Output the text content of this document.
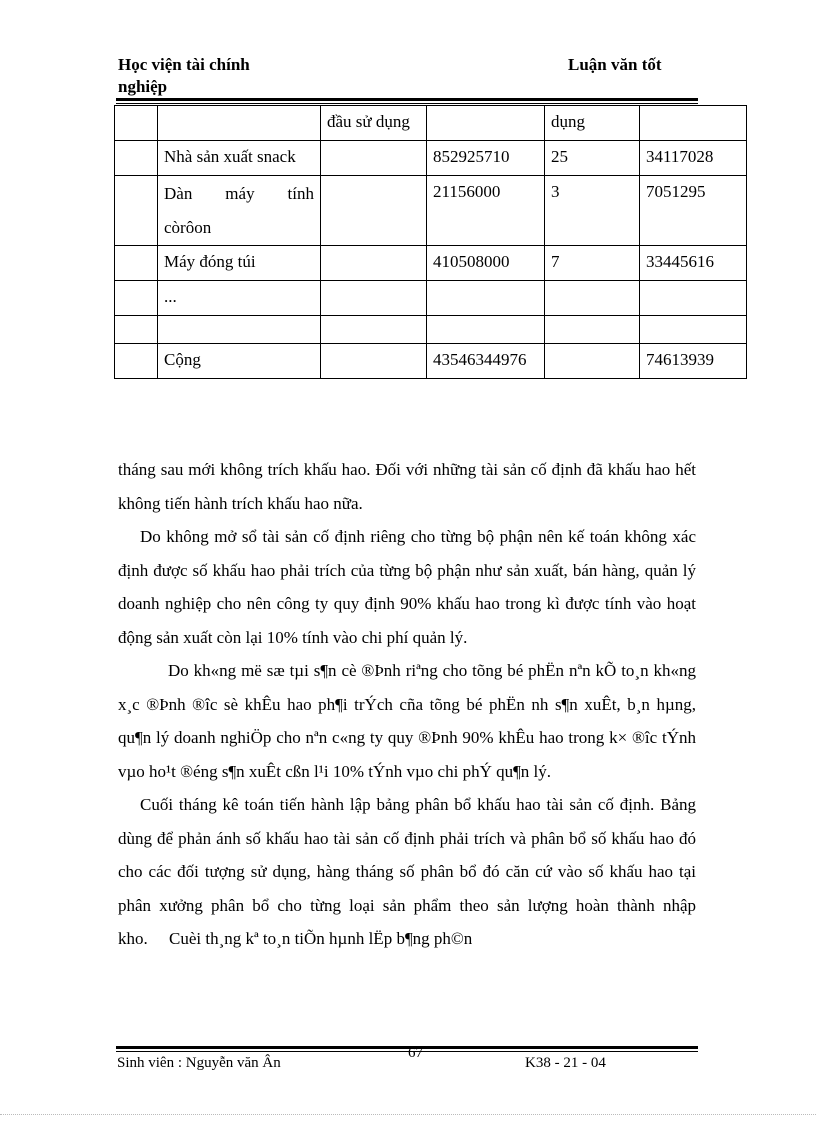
Học viện tài chính
nghiệp
Luận văn tốt
		đầu sử dụng		dụng	
	Nhà sản xuất snack		852925710	25	34117028

	Dàn máy tính
còrôon		21156000	3	7051295
	Máy đóng túi		410508000	7	33445616
	...				

	Cộng		43546344976		74613939

tháng sau mới không trích khấu hao. Đối với những tài sản cố định đã khấu hao hết không tiến hành trích khấu hao nữa.

Do không mở sổ tài sản cố định riêng cho từng bộ phận nên kế toán không xác định được số khấu hao phải trích của từng bộ phận như sản xuất, bán hàng, quản lý doanh nghiệp cho nên công ty quy định 90% khấu hao trong kì được tính vào hoạt động sản xuất còn lại 10% tính vào chi phí quản lý.

Do kh«ng më sæ tµi s¶n cè ®Þnh riªng cho tõng bé phËn nªn kÕ to¸n kh«ng x¸c ®Þnh ®îc sè khÊu hao ph¶i trÝch cña tõng bé phËn nh s¶n xuÊt, b¸n hµng, qu¶n lý doanh nghiÖp cho nªn c«ng ty quy ®Þnh 90% khÊu hao trong k× ®îc tÝnh vµo ho¹t ®éng s¶n xuÊt cßn l¹i 10% tÝnh vµo chi phÝ qu¶n lý.

Cuối tháng kê toán tiến hành lập bảng phân bổ khấu hao tài sản cố định. Bảng dùng để phản ánh số khấu hao tài sản cố định phải trích và phân bổ số khấu hao đó cho các đối tượng sử dụng, hàng tháng số phân bổ đó căn cứ vào số khấu hao tại phân xưởng phân bổ cho từng loại sản phẩm theo sản lượng hoàn thành nhập kho. Cuèi th¸ng kª to¸n tiÕn hµnh lËp b¶ng ph©n

Sinh viên : Nguyễn văn Ân
67
K38 - 21 - 04
